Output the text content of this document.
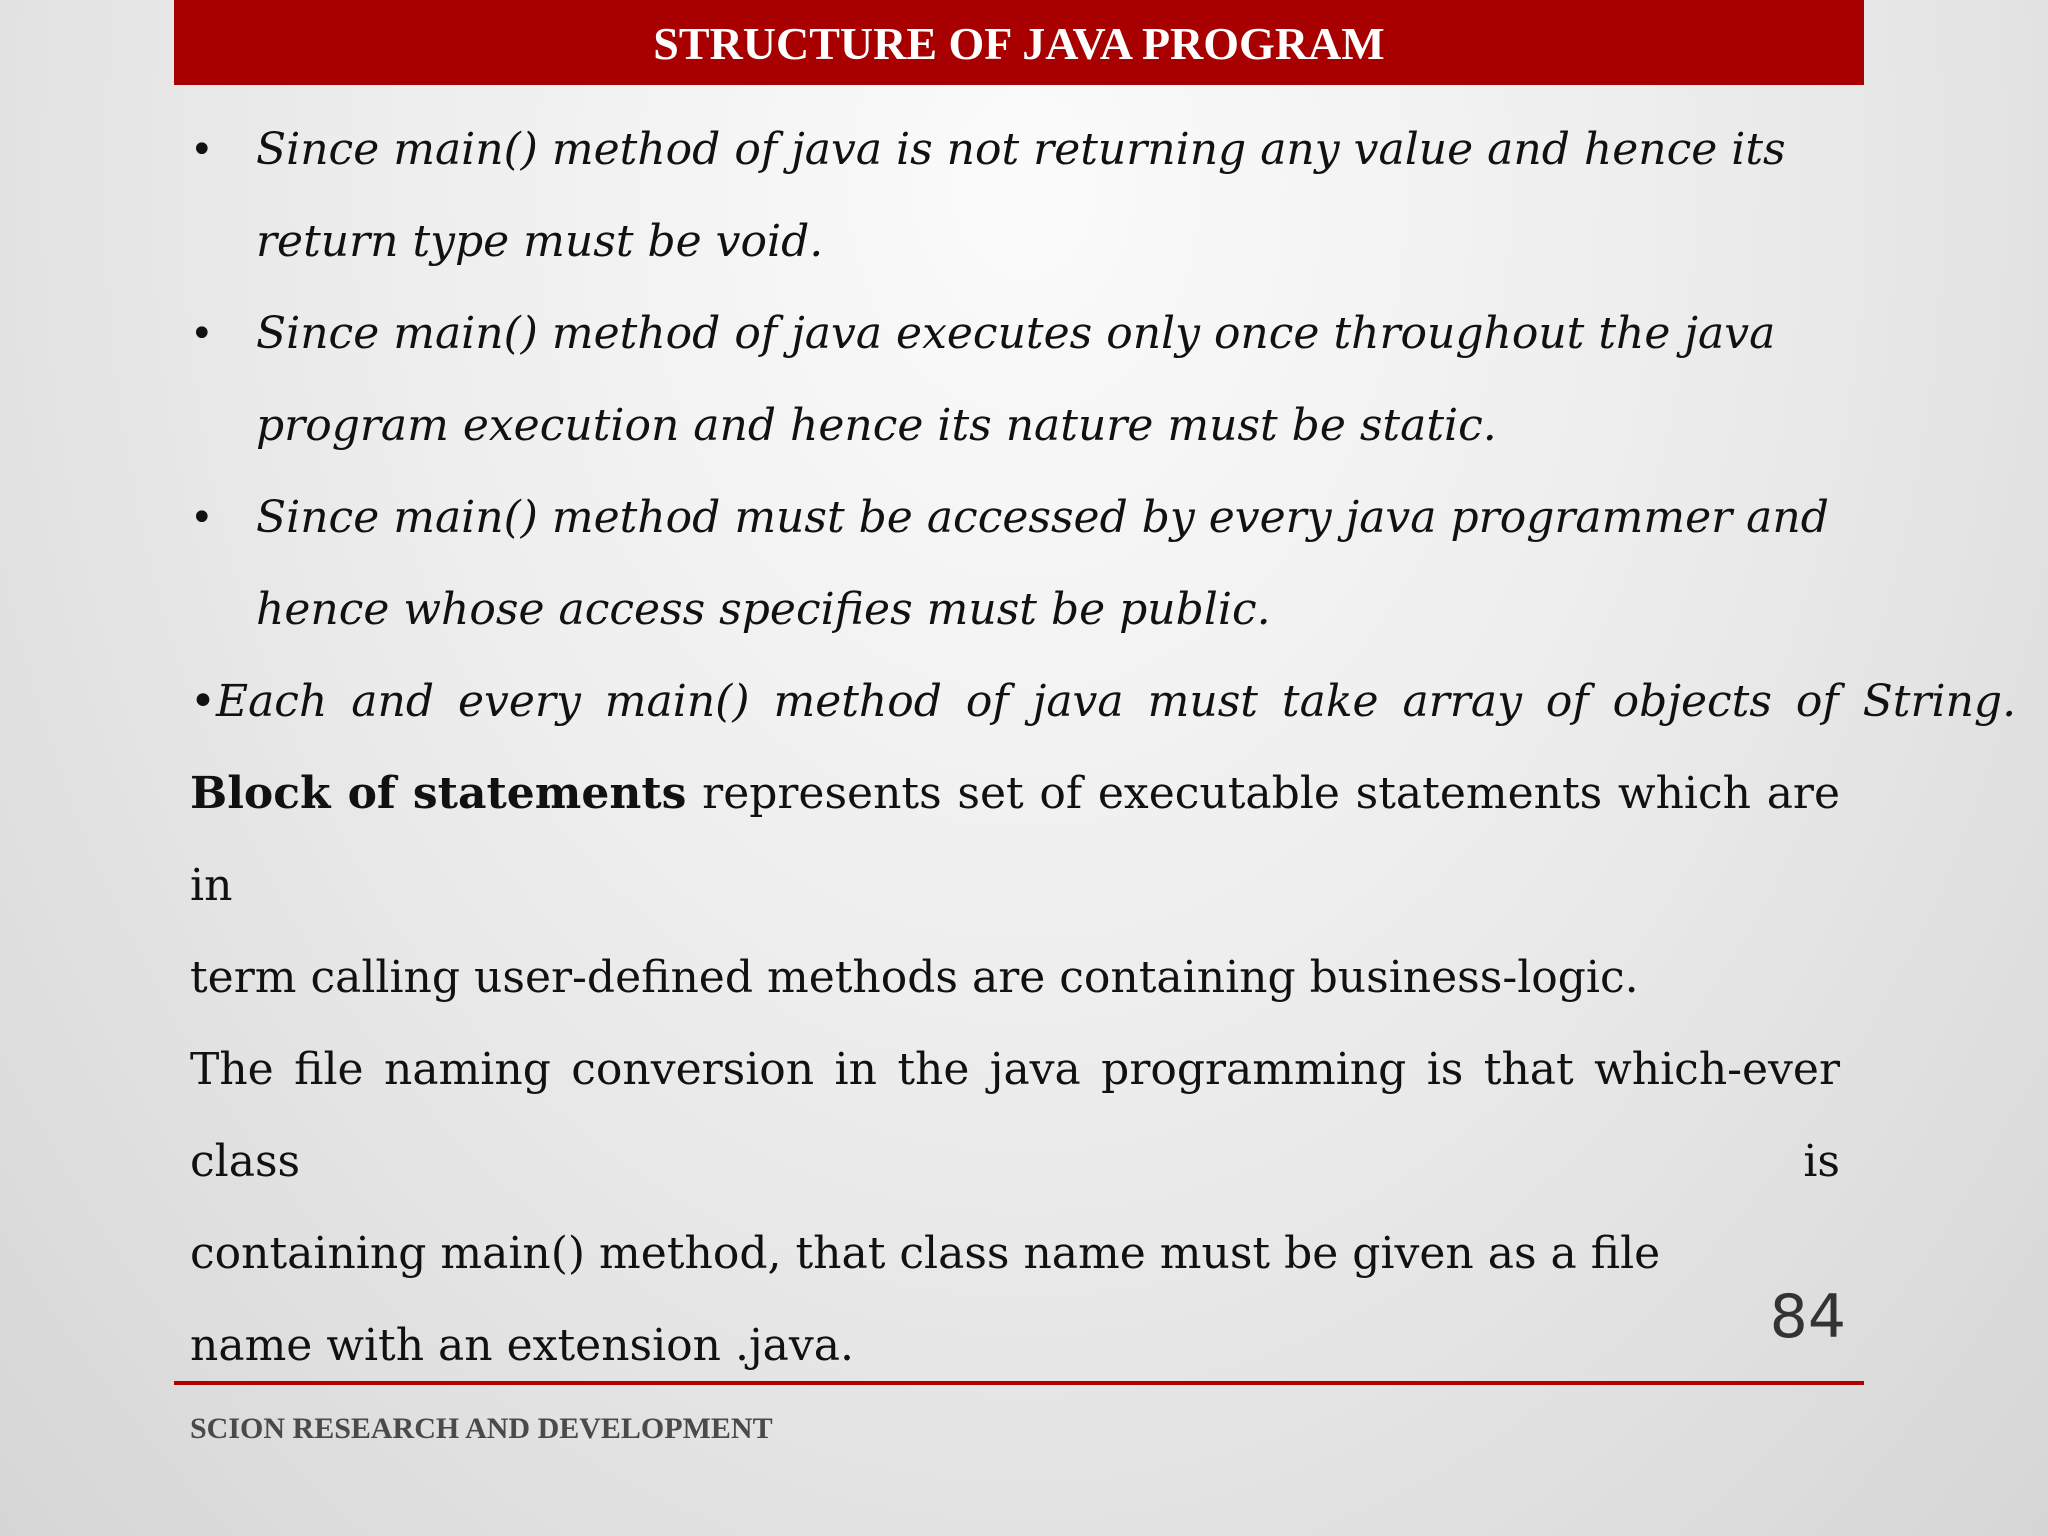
STRUCTURE OF JAVA PROGRAM
• Since main() method of java is not returning any value and hence its return type must be void.
• Since main() method of java executes only once throughout the java program execution and hence its nature must be static.
• Since main() method must be accessed by every java programmer and hence whose access specifies must be public.
•Each and every main() method of java must take array of objects of String.
Block of statements represents set of executable statements which are in
term calling user-defined methods are containing business-logic.
The file naming conversion in the java programming is that which-ever class is
containing main() method, that class name must be given as a file
name with an extension .java.	84
SCION RESEARCH AND DEVELOPMENT
